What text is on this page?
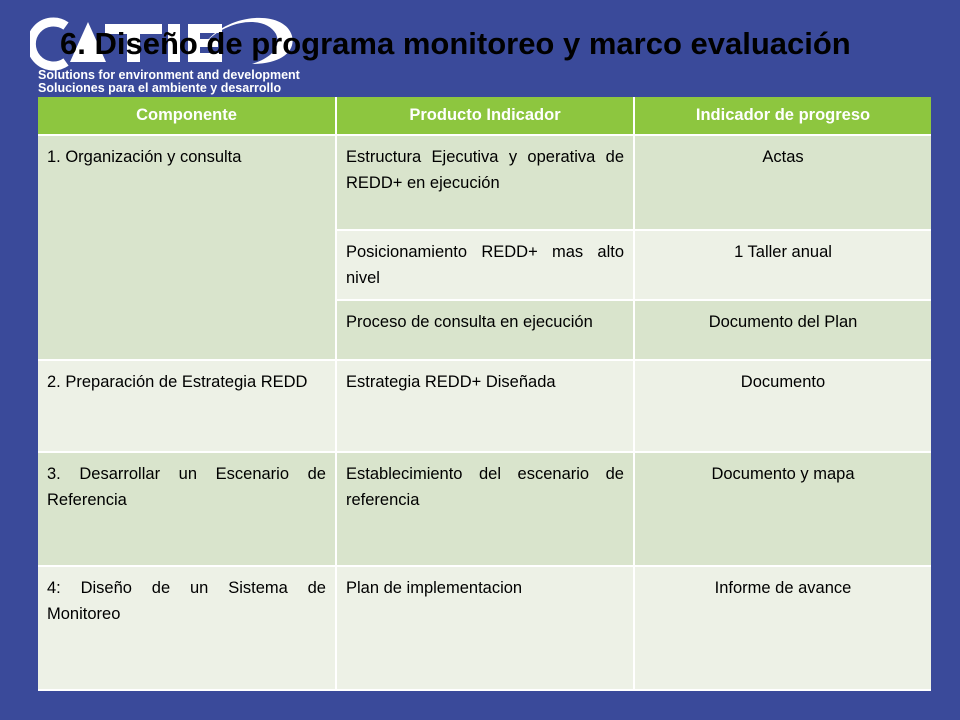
Solutions for environment and development
Soluciones para el ambiente y desarrollo
6. Diseño de programa monitoreo y marco evaluación
Componente	Producto Indicador	Indicador de progreso
1. Organización y consulta	Estructura Ejecutiva y operativa de REDD+ en ejecución	Actas
	Posicionamiento REDD+ mas alto nivel	1 Taller anual
	Proceso de consulta en ejecución	Documento del Plan
2. Preparación de Estrategia REDD	Estrategia REDD+ Diseñada	Documento
3. Desarrollar un Escenario de Referencia	Establecimiento del escenario de referencia	Documento y mapa
4: Diseño de un Sistema de Monitoreo	Plan de implementacion	Informe de avance
